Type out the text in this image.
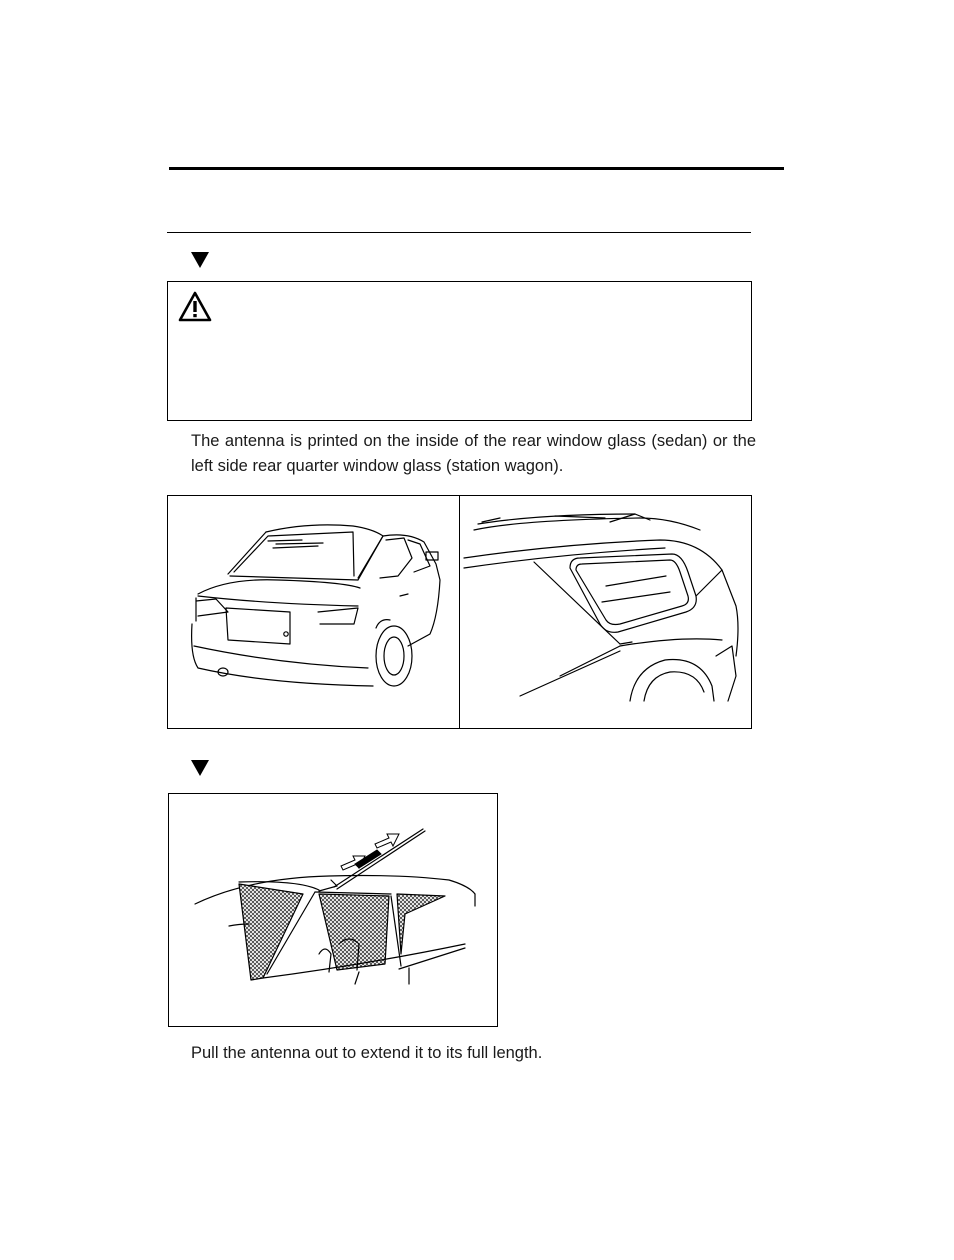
The antenna is printed on the inside of the rear window glass (sedan) or the left side rear quarter window glass (station wagon).

Pull the antenna out to extend it to its full length.
